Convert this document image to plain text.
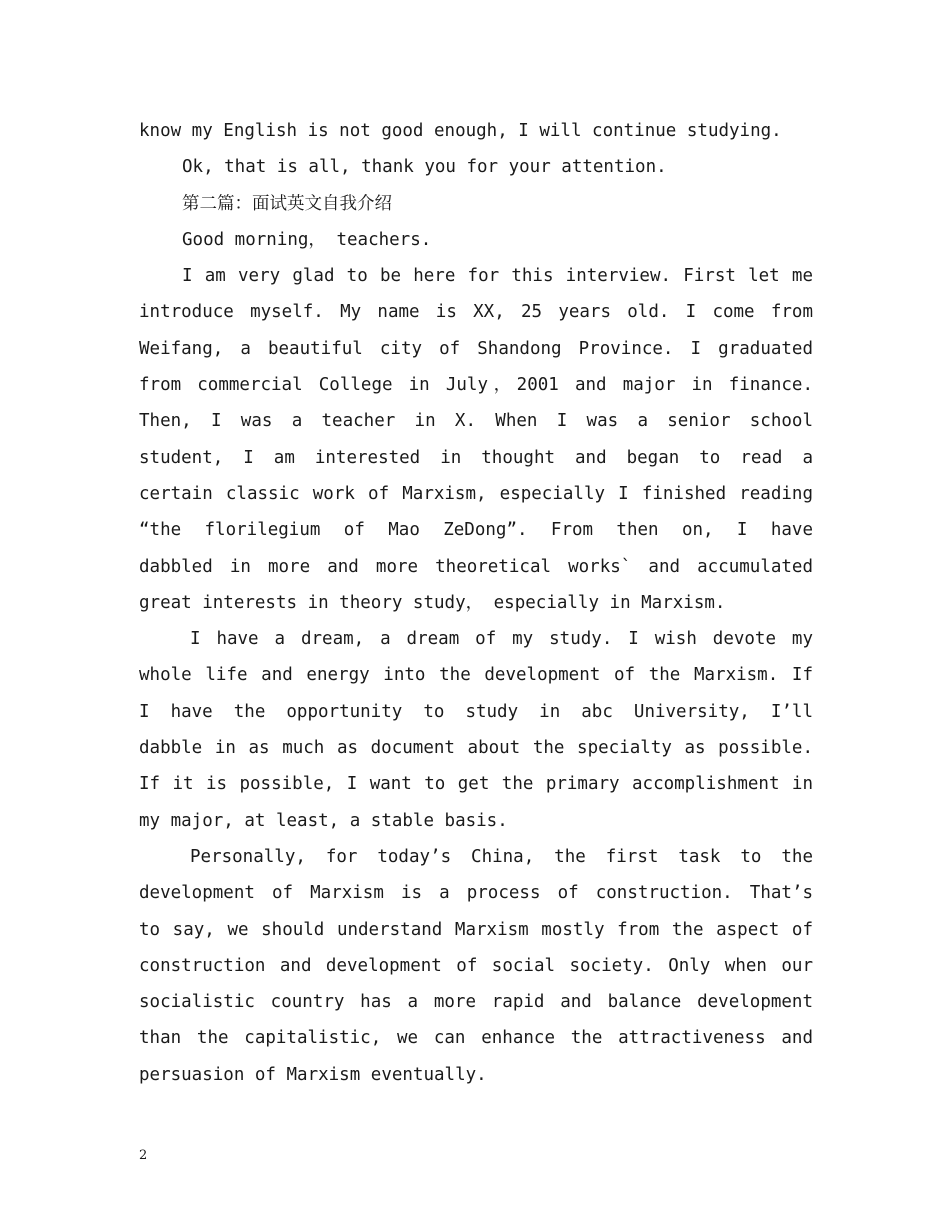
know my English is not good enough, I will continue studying.
Ok, that is all, thank you for your attention.
第二篇：面试英文自我介绍
Good morning， teachers.
I am very glad to be here for this interview. First let me
introduce myself. My name is XX, 25 years old. I come from
Weifang, a beautiful city of Shandong Province. I graduated
from commercial College in July，2001 and major in finance.
Then, I was a teacher in X. When I was a senior school
student, I am interested in thought and began to read a
certain classic work of Marxism, especially I finished reading
“the florilegium of Mao ZeDong”. From then on, I have
dabbled in more and more theoretical works` and accumulated
great interests in theory study， especially in Marxism.
I have a dream, a dream of my study. I wish devote my
whole life and energy into the development of the Marxism. If
I have the opportunity to study in abc University, I’ll
dabble in as much as document about the specialty as possible.
If it is possible, I want to get the primary accomplishment in
my major, at least, a stable basis.
Personally, for today’s China, the first task to the
development of Marxism is a process of construction. That’s
to say, we should understand Marxism mostly from the aspect of
construction and development of social society. Only when our
socialistic country has a more rapid and balance development
than the capitalistic, we can enhance the attractiveness and
persuasion of Marxism eventually.
2
